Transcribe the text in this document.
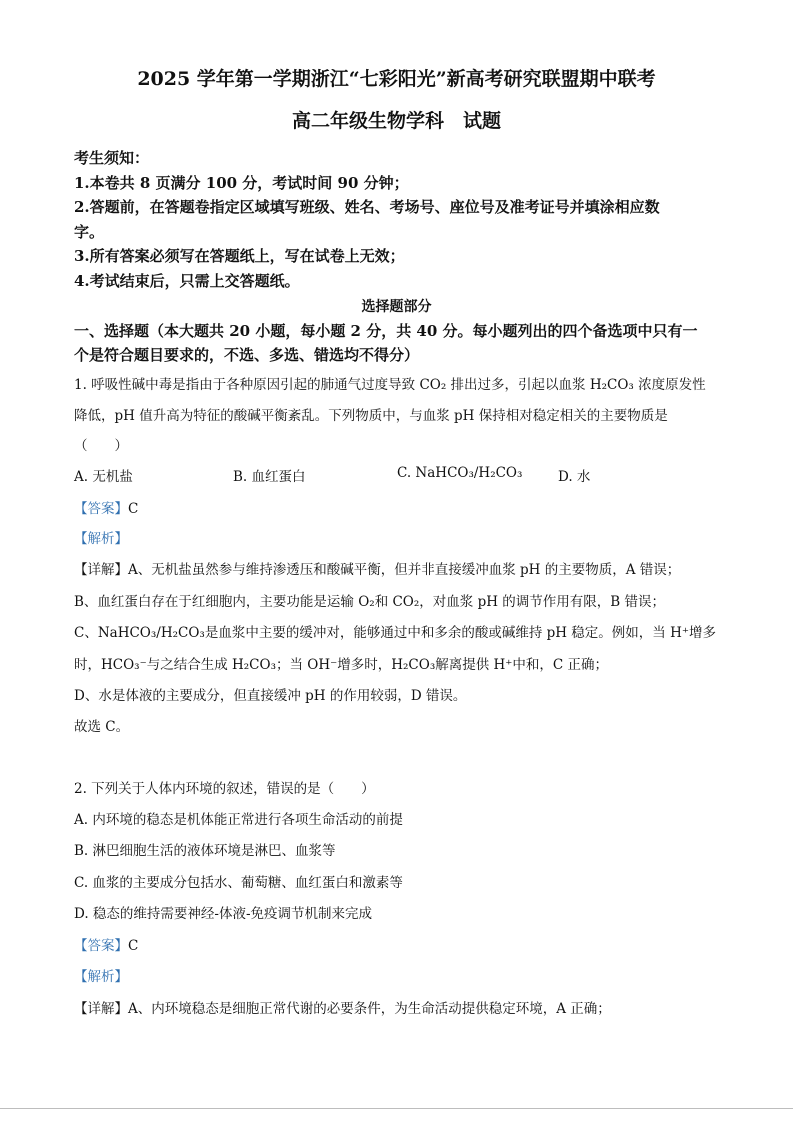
2025 学年第一学期浙江“七彩阳光”新高考研究联盟期中联考
高二年级生物学科　试题
考生须知：
1.本卷共 8 页满分 100 分，考试时间 90 分钟；
2.答题前，在答题卷指定区域填写班级、姓名、考场号、座位号及准考证号并填涂相应数
字。
3.所有答案必须写在答题纸上，写在试卷上无效；
4.考试结束后，只需上交答题纸。
选择题部分
一、选择题（本大题共 20 小题，每小题 2 分，共 40 分。每小题列出的四个备选项中只有一
个是符合题目要求的，不选、多选、错选均不得分）
1. 呼吸性碱中毒是指由于各种原因引起的肺通气过度导致 CO₂ 排出过多，引起以血浆 H₂CO₃ 浓度原发性
降低，pH 值升高为特征的酸碱平衡紊乱。下列物质中，与血浆 pH 保持相对稳定相关的主要物质是
（　　）
A. 无机盐	B. 血红蛋白	C. NaHCO₃/H₂CO₃	D. 水
【答案】C
【解析】
【详解】A、无机盐虽然参与维持渗透压和酸碱平衡，但并非直接缓冲血浆 pH 的主要物质，A 错误；
B、血红蛋白存在于红细胞内，主要功能是运输 O₂和 CO₂，对血浆 pH 的调节作用有限，B 错误；
C、NaHCO₃/H₂CO₃是血浆中主要的缓冲对，能够通过中和多余的酸或碱维持 pH 稳定。例如，当 H⁺增多
时，HCO₃⁻与之结合生成 H₂CO₃；当 OH⁻增多时，H₂CO₃解离提供 H⁺中和，C 正确；
D、水是体液的主要成分，但直接缓冲 pH 的作用较弱，D 错误。
故选 C。
2. 下列关于人体内环境的叙述，错误的是（　　）
A. 内环境的稳态是机体能正常进行各项生命活动的前提
B. 淋巴细胞生活的液体环境是淋巴、血浆等
C. 血浆的主要成分包括水、葡萄糖、血红蛋白和激素等
D. 稳态的维持需要神经-体液-免疫调节机制来完成
【答案】C
【解析】
【详解】A、内环境稳态是细胞正常代谢的必要条件，为生命活动提供稳定环境，A 正确；
